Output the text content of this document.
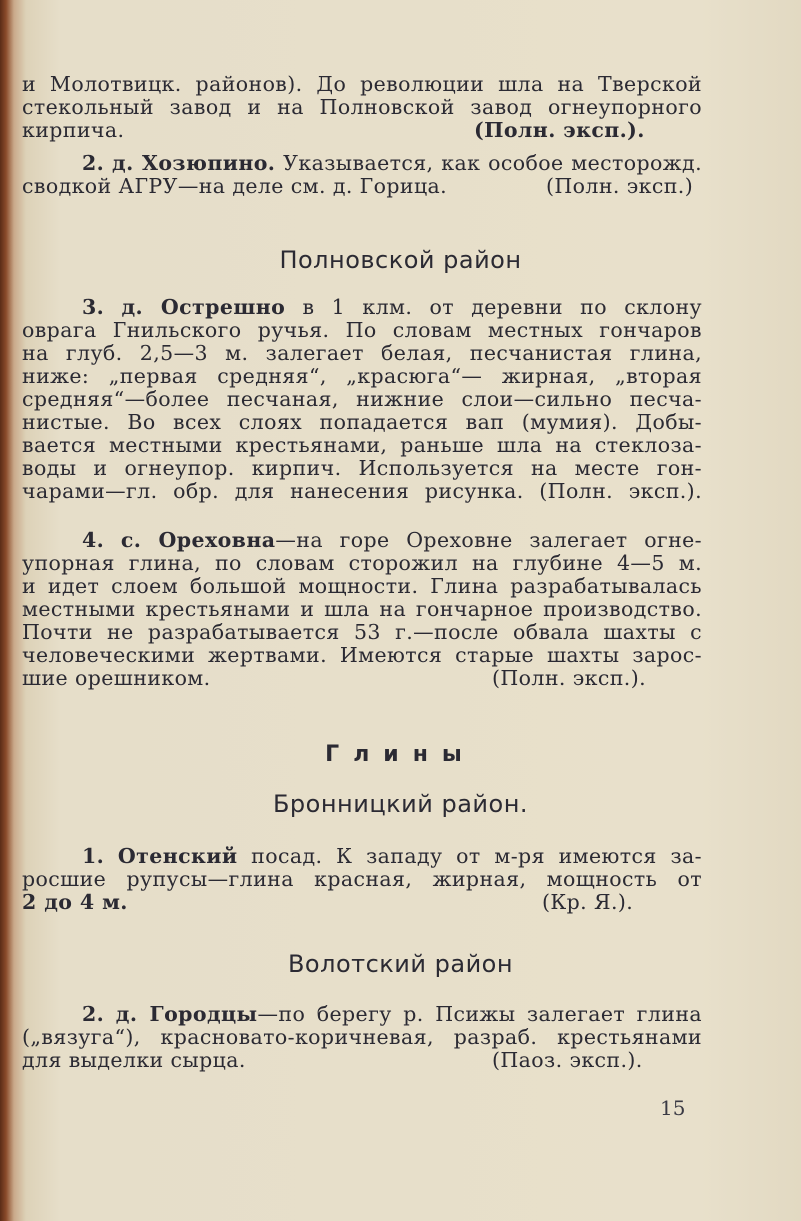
и Молотвицк. районов). До революции шла на Тверской
стекольный завод и на Полновской завод огнеупорного
кирпича.	(Полн. эксп.).
2. д. Хозюпино. Указывается, как особое месторожд.
сводкой АГРУ—на деле см. д. Горица.	(Полн. эксп.)
Полновской район
3. д. Острешно в 1 клм. от деревни по склону
оврага Гнильского ручья. По словам местных гончаров
на глуб. 2,5—3 м. залегает белая, песчанистая глина,
ниже: „первая средняя“, „красюга“— жирная, „вторая
средняя“—более песчаная, нижние слои—сильно песча-
нистые. Во всех слоях попадается вап (мумия). Добы-
вается местными крестьянами, раньше шла на стеклоза-
воды и огнеупор. кирпич. Используется на месте гон-
чарами—гл. обр. для нанесения рисунка. (Полн. эксп.).
4. с. Ореховна—на горе Ореховне залегает огне-
упорная глина, по словам сторожил на глубине 4—5 м.
и идет слоем большой мощности. Глина разрабатывалась
местными крестьянами и шла на гончарное производство.
Почти не разрабатывается 53 г.—после обвала шахты с
человеческими жертвами. Имеются старые шахты зарос-
шие орешником.	(Полн. эксп.).
Глины
Бронницкий район.
1. Отенский посад. К западу от м-ря имеются за-
росшие рупусы—глина красная, жирная, мощность от
2 до 4 м.	(Кр. Я.).
Волотский район
2. д. Городцы—по берегу р. Псижы залегает глина
(„вязуга“), красновато-коричневая, разраб. крестьянами
для выделки сырца.	(Паоз. эксп.).
15
